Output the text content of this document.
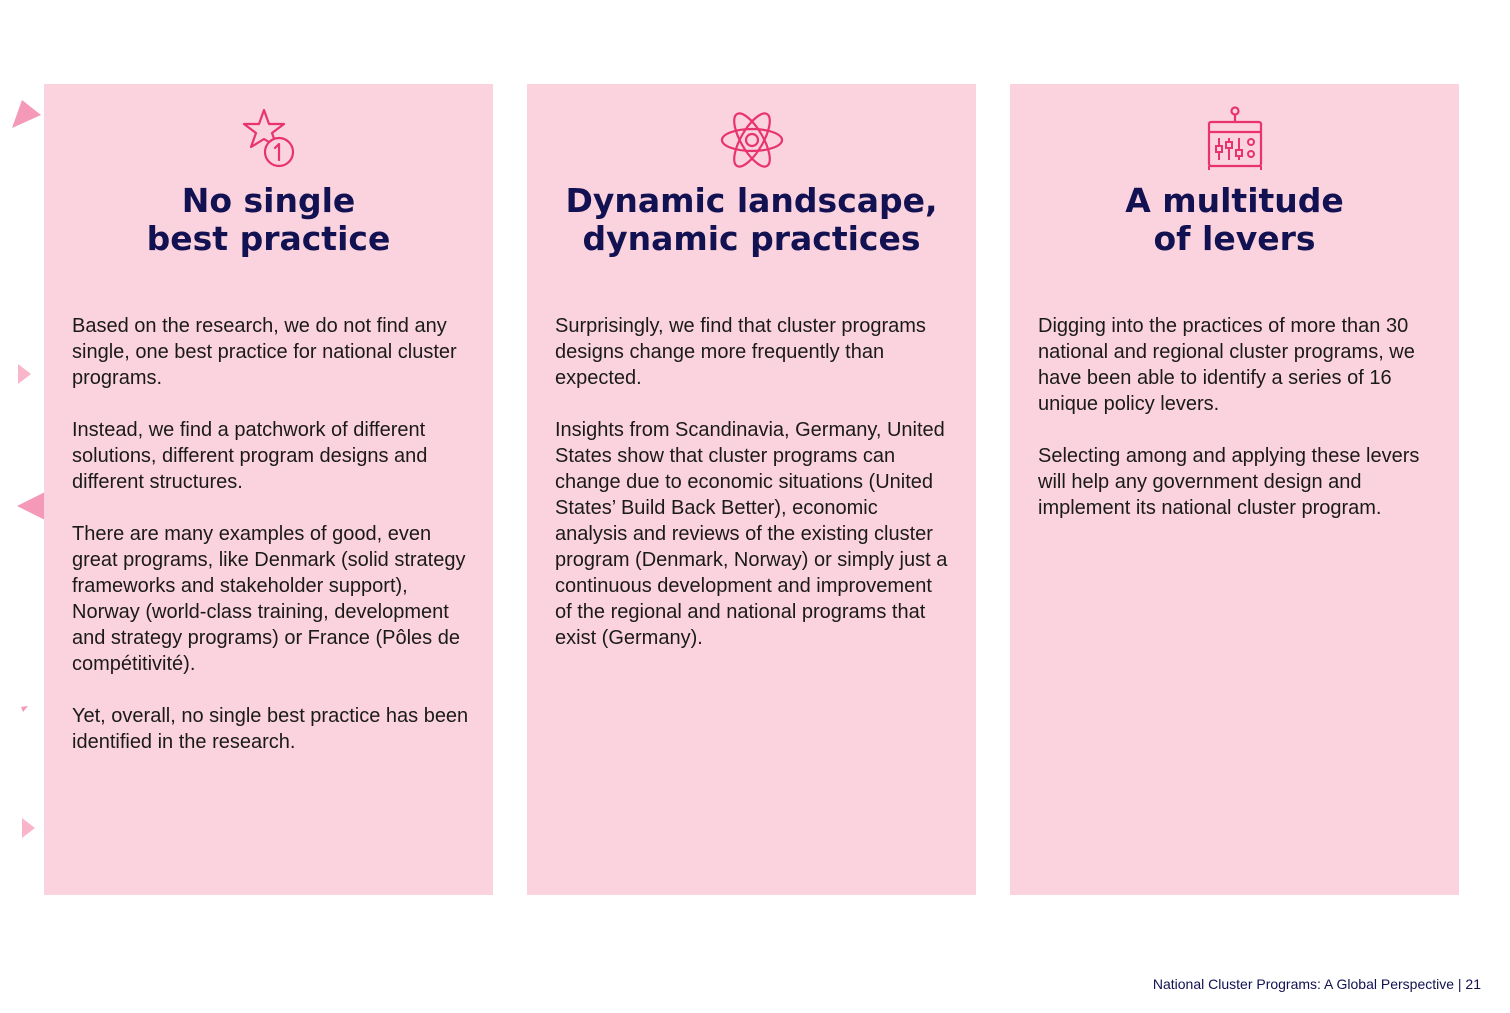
No single
best practice

Based on the research, we do not find any single, one best practice for national cluster programs.

Instead, we find a patchwork of different solutions, different program designs and different structures.

There are many examples of good, even great programs, like Denmark (solid strategy frameworks and stakeholder support), Norway (world-class training, development and strategy programs) or France (Pôles de compétitivité).

Yet, overall, no single best practice has been identified in the research.

Dynamic landscape,
dynamic practices

Surprisingly, we find that cluster programs designs change more frequently than expected.

Insights from Scandinavia, Germany, United States show that cluster programs can change due to economic situations (United States’ Build Back Better), economic analysis and reviews of the existing cluster program (Denmark, Norway) or simply just a continuous development and improvement of the regional and national programs that exist (Germany).

A multitude
of levers

Digging into the practices of more than 30 national and regional cluster programs, we have been able to identify a series of 16 unique policy levers.

Selecting among and applying these levers will help any government design and implement its national cluster program.

National Cluster Programs: A Global Perspective | 21
